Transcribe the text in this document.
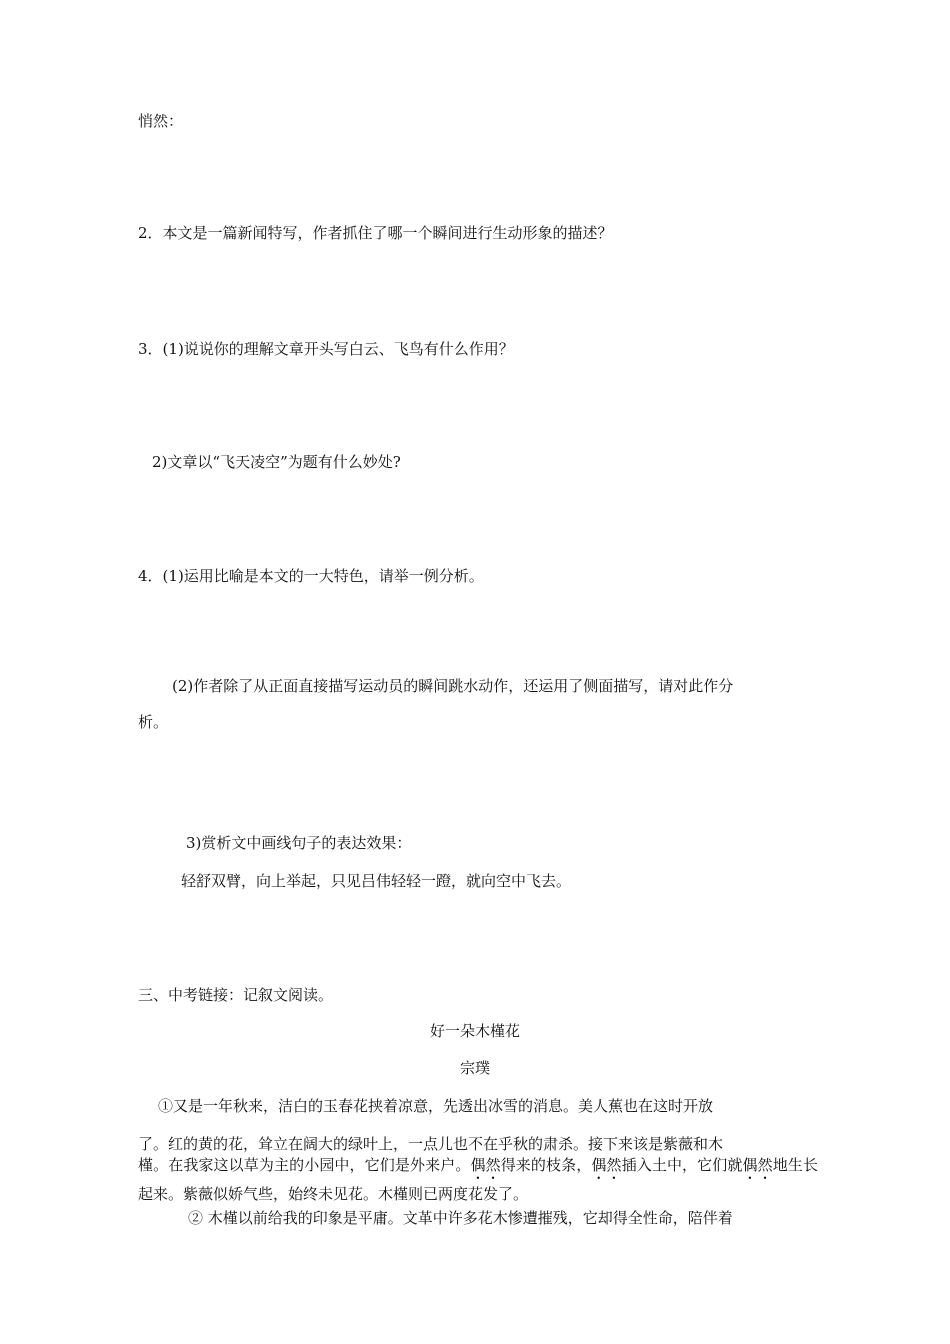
悄然：
2．本文是一篇新闻特写，作者抓住了哪一个瞬间进行生动形象的描述？
3．(1)说说你的理解文章开头写白云、飞鸟有什么作用？
2)文章以“飞天凌空”为题有什么妙处?
4．(1)运用比喻是本文的一大特色，请举一例分析。
(2)作者除了从正面直接描写运动员的瞬间跳水动作，还运用了侧面描写，请对此作分
析。
3)赏析文中画线句子的表达效果：
轻舒双臂，向上举起，只见吕伟轻轻一蹬，就向空中飞去。
三、中考链接：记叙文阅读。
好一朵木槿花
宗璞
①又是一年秋来，洁白的玉春花挟着凉意，先透出冰雪的消息。美人蕉也在这时开放
了。红的黄的花，耸立在阔大的绿叶上，一点儿也不在乎秋的肃杀。接下来该是紫薇和木
槿。在我家这以草为主的小园中，它们是外来户。偶然得来的枝条，偶然插入土中，它们就偶然地生长起来。紫薇似娇气些，始终未见花。木槿则已两度花发了。
② 木槿以前给我的印象是平庸。文革中许多花木惨遭摧残，它却得全性命，陪伴着
